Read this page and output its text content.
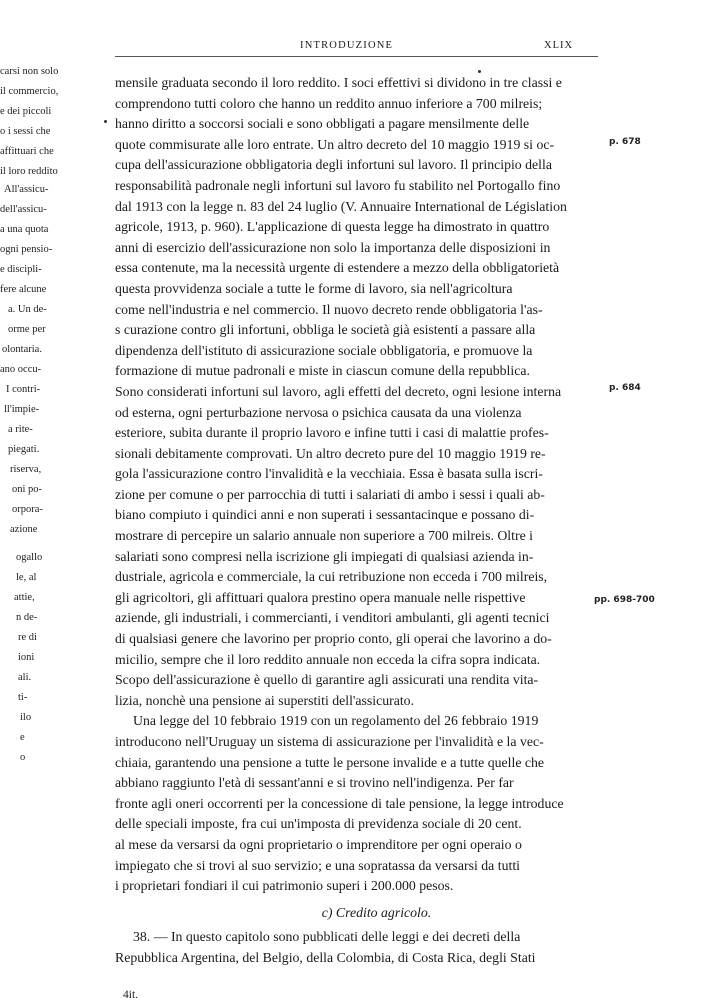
carsi non solo
il commercio,
e dei piccoli
o i sessi che
affittuari che
il loro reddito
All'assicu-
dell'assicu-
a una quota
ogni pensio-
e discipli-
fere alcune
a. Un de-
orme per
olontaria.
ano occu-
I contri-
ll'impie-
a rite-
piegati.
riserva,
oni po-
orpora-
azione
ogallo
le, al
attie,
n de-
re di
ioni
ali.
ti-
ilo
e
o
INTRODUZIONE	XLIX
mensile graduata secondo il loro reddito. I soci effettivi si dividono in tre classi e
comprendono tutti coloro che hanno un reddito annuo inferiore a 700 milreis;
hanno diritto a soccorsi sociali e sono obbligati a pagare mensilmente delle
quote commisurate alle loro entrate. Un altro decreto del 10 maggio 1919 si oc-
cupa dell'assicurazione obbligatoria degli infortuni sul lavoro. Il principio della
responsabilità padronale negli infortuni sul lavoro fu stabilito nel Portogallo fino
dal 1913 con la legge n. 83 del 24 luglio (V. Annuaire International de Législation
agricole, 1913, p. 960). L'applicazione di questa legge ha dimostrato in quattro
anni di esercizio dell'assicurazione non solo la importanza delle disposizioni in
essa contenute, ma la necessità urgente di estendere a mezzo della obbligatorietà
questa provvidenza sociale a tutte le forme di lavoro, sia nell'agricoltura
come nell'industria e nel commercio. Il nuovo decreto rende obbligatoria l'as-
s curazione contro gli infortuni, obbliga le società già esistenti a passare alla
dipendenza dell'istituto di assicurazione sociale obbligatoria, e promuove la
formazione di mutue padronali e miste in ciascun comune della repubblica.
Sono considerati infortuni sul lavoro, agli effetti del decreto, ogni lesione interna
od esterna, ogni perturbazione nervosa o psichica causata da una violenza
esteriore, subita durante il proprio lavoro e infine tutti i casi di malattie profes-
sionali debitamente comprovati. Un altro decreto pure del 10 maggio 1919 re-
gola l'assicurazione contro l'invalidità e la vecchiaia. Essa è basata sulla iscri-
zione per comune o per parrocchia di tutti i salariati di ambo i sessi i quali ab-
biano compiuto i quindici anni e non superati i sessantacinque e possano di-
mostrare di percepire un salario annuale non superiore a 700 milreis. Oltre i
salariati sono compresi nella iscrizione gli impiegati di qualsiasi azienda in-
dustriale, agricola e commerciale, la cui retribuzione non ecceda i 700 milreis,
gli agricoltori, gli affittuari qualora prestino opera manuale nelle rispettive
aziende, gli industriali, i commercianti, i venditori ambulanti, gli agenti tecnici
di qualsiasi genere che lavorino per proprio conto, gli operai che lavorino a do-
micilio, sempre che il loro reddito annuale non ecceda la cifra sopra indicata.
Scopo dell'assicurazione è quello di garantire agli assicurati una rendita vita-
lizia, nonchè una pensione ai superstiti dell'assicurato.
Una legge del 10 febbraio 1919 con un regolamento del 26 febbraio 1919
introducono nell'Uruguay un sistema di assicurazione per l'invalidità e la vec-
chiaia, garantendo una pensione a tutte le persone invalide e a tutte quelle che
abbiano raggiunto l'età di sessant'anni e si trovino nell'indigenza. Per far
fronte agli oneri occorrenti per la concessione di tale pensione, la legge introduce
delle speciali imposte, fra cui un'imposta di previdenza sociale di 20 cent.
al mese da versarsi da ogni proprietario o imprenditore per ogni operaio o
impiegato che si trovi al suo servizio; e una sopratassa da versarsi da tutti
i proprietari fondiari il cui patrimonio superi i 200.000 pesos.
c) Credito agricolo.
38. — In questo capitolo sono pubblicati delle leggi e dei decreti della
Repubblica Argentina, del Belgio, della Colombia, di Costa Rica, degli Stati
4it.
p. 678
p. 684
pp. 698-700
